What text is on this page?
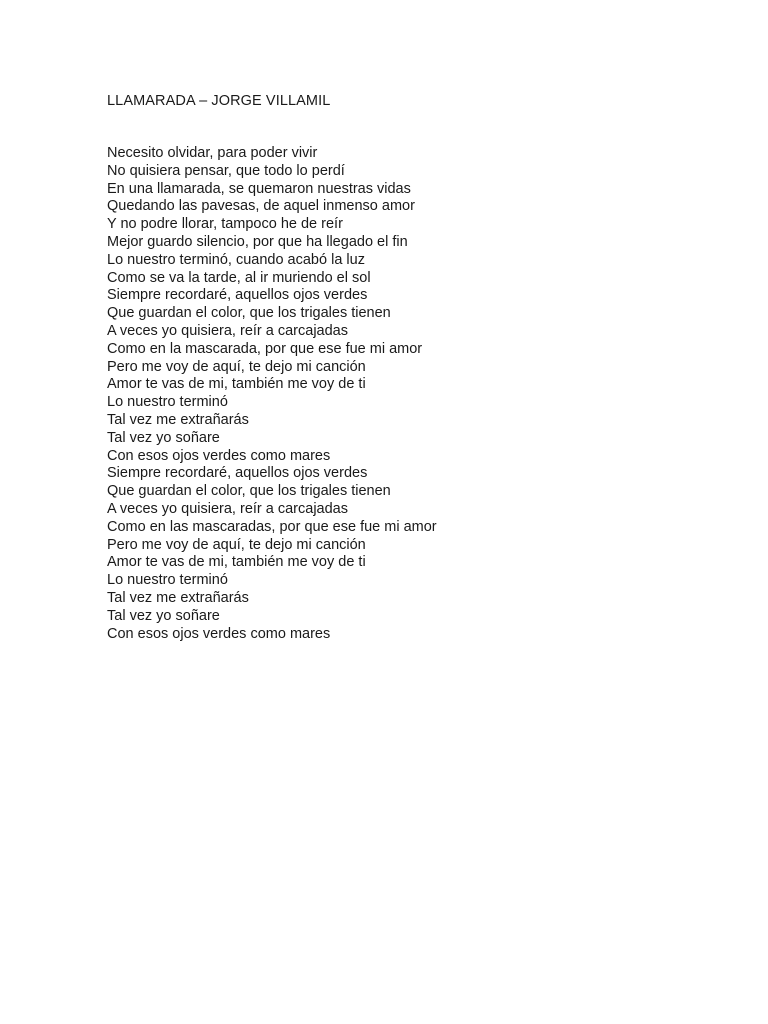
LLAMARADA – JORGE VILLAMIL
Necesito olvidar, para poder vivir
No quisiera pensar, que todo lo perdí
En una llamarada, se quemaron nuestras vidas
Quedando las pavesas, de aquel inmenso amor
Y no podre llorar, tampoco he de reír
Mejor guardo silencio, por que ha llegado el fin
Lo nuestro terminó, cuando acabó la luz
Como se va la tarde, al ir muriendo el sol
Siempre recordaré, aquellos ojos verdes
Que guardan el color, que los trigales tienen
A veces yo quisiera, reír a carcajadas
Como en la mascarada, por que ese fue mi amor
Pero me voy de aquí, te dejo mi canción
Amor te vas de mi, también me voy de ti
Lo nuestro terminó
Tal vez me extrañarás
Tal vez yo soñare
Con esos ojos verdes como mares
Siempre recordaré, aquellos ojos verdes
Que guardan el color, que los trigales tienen
A veces yo quisiera, reír a carcajadas
Como en las mascaradas, por que ese fue mi amor
Pero me voy de aquí, te dejo mi canción
Amor te vas de mi, también me voy de ti
Lo nuestro terminó
Tal vez me extrañarás
Tal vez yo soñare
Con esos ojos verdes como mares
